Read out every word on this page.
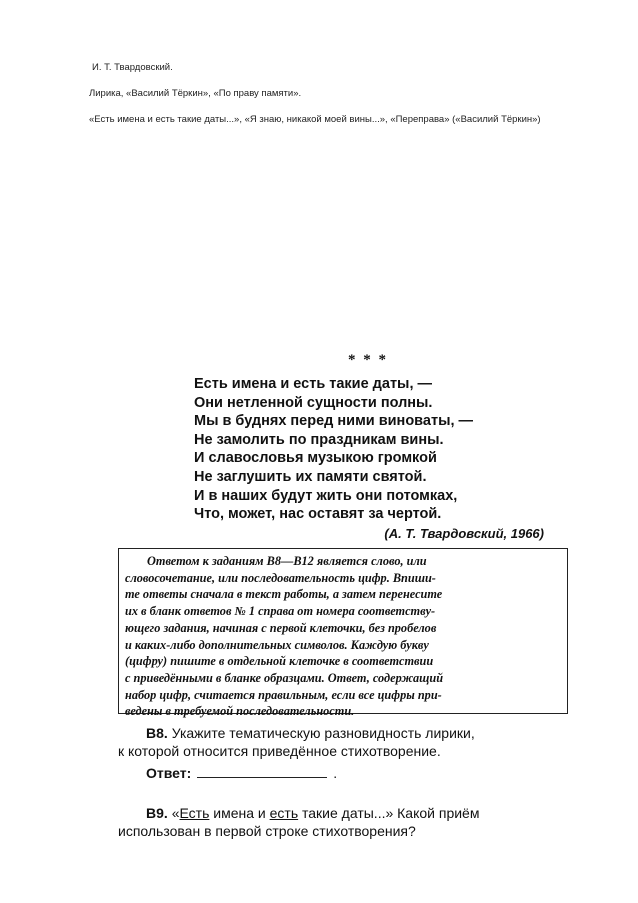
И. Т. Твардовский.

Лирика, «Василий Тёркин», «По праву памяти».

«Есть имена и есть такие даты...», «Я знаю, никакой моей вины...», «Переправа» («Василий Тёркин»)

* * *
Есть имена и есть такие даты, —
Они нетленной сущности полны.
Мы в буднях перед ними виноваты, —
Не замолить по праздникам вины.
И славословья музыкою громкой
Не заглушить их памяти святой.
И в наших будут жить они потомках,
Что, может, нас оставят за чертой.
(А. Т. Твардовский, 1966)
Ответом к заданиям В8—В12 является слово, или
словосочетание, или последовательность цифр. Впиши-
те ответы сначала в текст работы, а затем перенесите
их в бланк ответов № 1 справа от номера соответству-
ющего задания, начиная с первой клеточки, без пробелов
и каких-либо дополнительных символов. Каждую букву
(цифру) пишите в отдельной клеточке в соответствии
с приведёнными в бланке образцами. Ответ, содержащий
набор цифр, считается правильным, если все цифры при-
ведены в требуемой последовательности.
В8. Укажите тематическую разновидность лирики,
к которой относится приведённое стихотворение.
Ответ:	.
В9. «Есть имена и есть такие даты...» Какой приём
использован в первой строке стихотворения?
